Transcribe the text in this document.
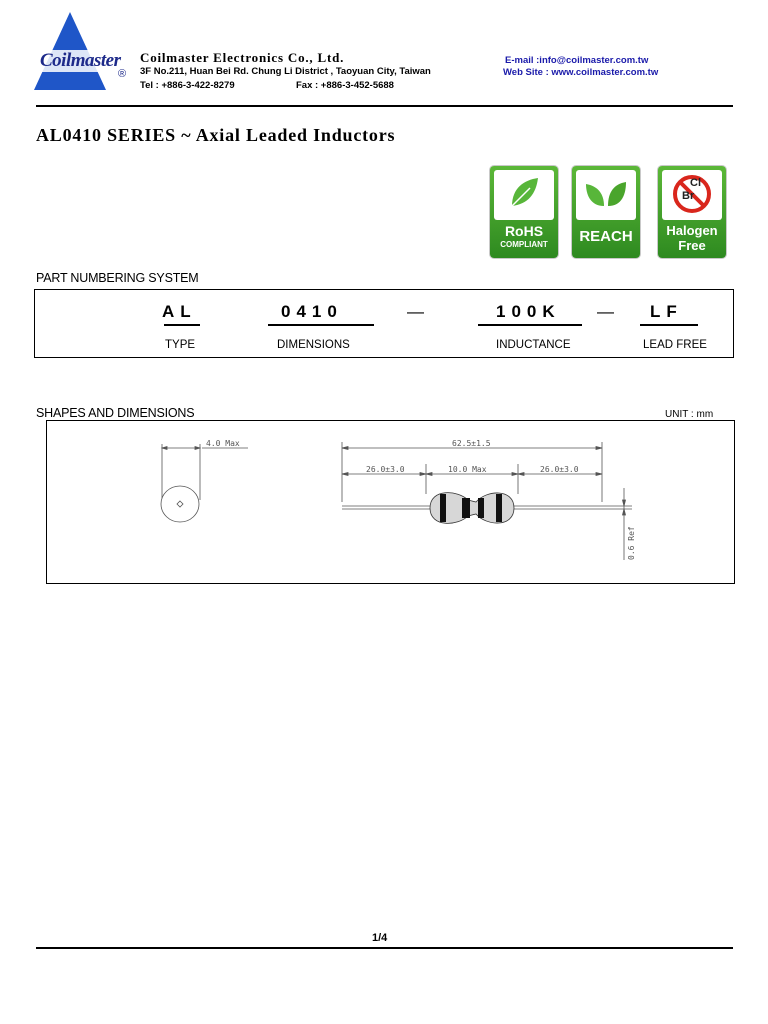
Coilmaster
®
Coilmaster Electronics Co., Ltd.
3F No.211, Huan Bei Rd. Chung Li District , Taoyuan City, Taiwan
Tel : +886-3-422-8279	Fax : +886-3-452-5688
E-mail :info@coilmaster.com.tw
Web Site : www.coilmaster.com.tw
AL0410 SERIES ~ Axial Leaded Inductors
RoHS
COMPLIANT	REACH
Cl
Br
Halogen
Free
PART NUMBERING SYSTEM
AL	0410	—	100K — LF
TYPE	DIMENSIONS	INDUCTANCE	LEAD FREE
SHAPES AND DIMENSIONS	UNIT : mm
4.0 Max	62.5±1.5
26.0±3.0	10.0 Max	26.0±3.0
0.6 Ref
1/4
